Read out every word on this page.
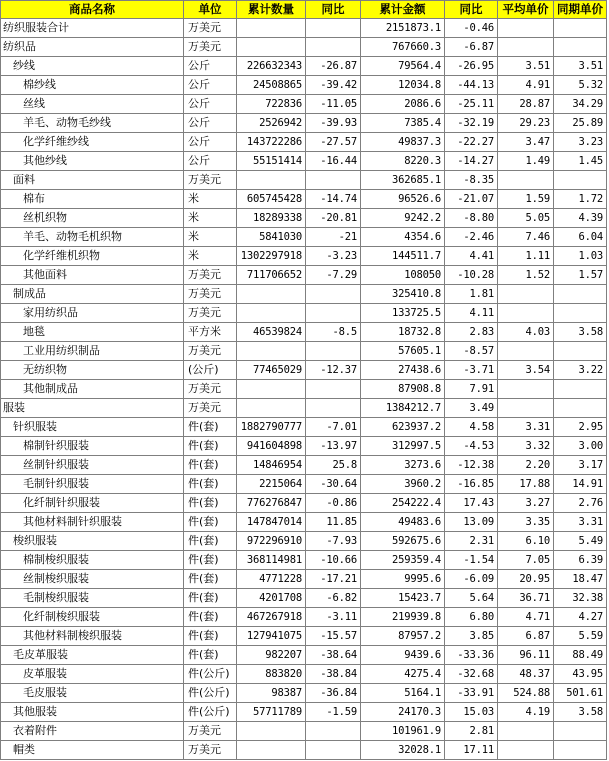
商品名称	单位	累计数量	同比	累计金额	同比	平均单价	同期单价
纺织服装合计	万美元			2151873.1	-0.46		
纺织品	万美元			767660.3	-6.87		
纱线	公斤	226632343	-26.87	79564.4	-26.95	3.51	3.51
棉纱线	公斤	24508865	-39.42	12034.8	-44.13	4.91	5.32
丝线	公斤	722836	-11.05	2086.6	-25.11	28.87	34.29
羊毛、动物毛纱线	公斤	2526942	-39.93	7385.4	-32.19	29.23	25.89
化学纤维纱线	公斤	143722286	-27.57	49837.3	-22.27	3.47	3.23
其他纱线	公斤	55151414	-16.44	8220.3	-14.27	1.49	1.45
面料	万美元			362685.1	-8.35		
棉布	米	605745428	-14.74	96526.6	-21.07	1.59	1.72
丝机织物	米	18289338	-20.81	9242.2	-8.80	5.05	4.39
羊毛、动物毛机织物	米	5841030	-21	4354.6	-2.46	7.46	6.04
化学纤维机织物	米	1302297918	-3.23	144511.7	4.41	1.11	1.03
其他面料	万美元	711706652	-7.29	108050	-10.28	1.52	1.57
制成品	万美元			325410.8	1.81		
家用纺织品	万美元			133725.5	4.11		
地毯	平方米	46539824	-8.5	18732.8	2.83	4.03	3.58
工业用纺织制品	万美元			57605.1	-8.57		
无纺织物	(公斤)	77465029	-12.37	27438.6	-3.71	3.54	3.22
其他制成品	万美元			87908.8	7.91		
服装	万美元			1384212.7	3.49		
针织服装	件(套)	1882790777	-7.01	623937.2	4.58	3.31	2.95
棉制针织服装	件(套)	941604898	-13.97	312997.5	-4.53	3.32	3.00
丝制针织服装	件(套)	14846954	25.8	3273.6	-12.38	2.20	3.17
毛制针织服装	件(套)	2215064	-30.64	3960.2	-16.85	17.88	14.91
化纤制针织服装	件(套)	776276847	-0.86	254222.4	17.43	3.27	2.76
其他材料制针织服装	件(套)	147847014	11.85	49483.6	13.09	3.35	3.31
梭织服装	件(套)	972296910	-7.93	592675.6	2.31	6.10	5.49
棉制梭织服装	件(套)	368114981	-10.66	259359.4	-1.54	7.05	6.39
丝制梭织服装	件(套)	4771228	-17.21	9995.6	-6.09	20.95	18.47
毛制梭织服装	件(套)	4201708	-6.82	15423.7	5.64	36.71	32.38
化纤制梭织服装	件(套)	467267918	-3.11	219939.8	6.80	4.71	4.27
其他材料制梭织服装	件(套)	127941075	-15.57	87957.2	3.85	6.87	5.59
毛皮革服装	件(套)	982207	-38.64	9439.6	-33.36	96.11	88.49
皮革服装	件(公斤)	883820	-38.84	4275.4	-32.68	48.37	43.95
毛皮服装	件(公斤)	98387	-36.84	5164.1	-33.91	524.88	501.61
其他服装	件(公斤)	57711789	-1.59	24170.3	15.03	4.19	3.58
衣着附件	万美元			101961.9	2.81		
帽类	万美元			32028.1	17.11		
